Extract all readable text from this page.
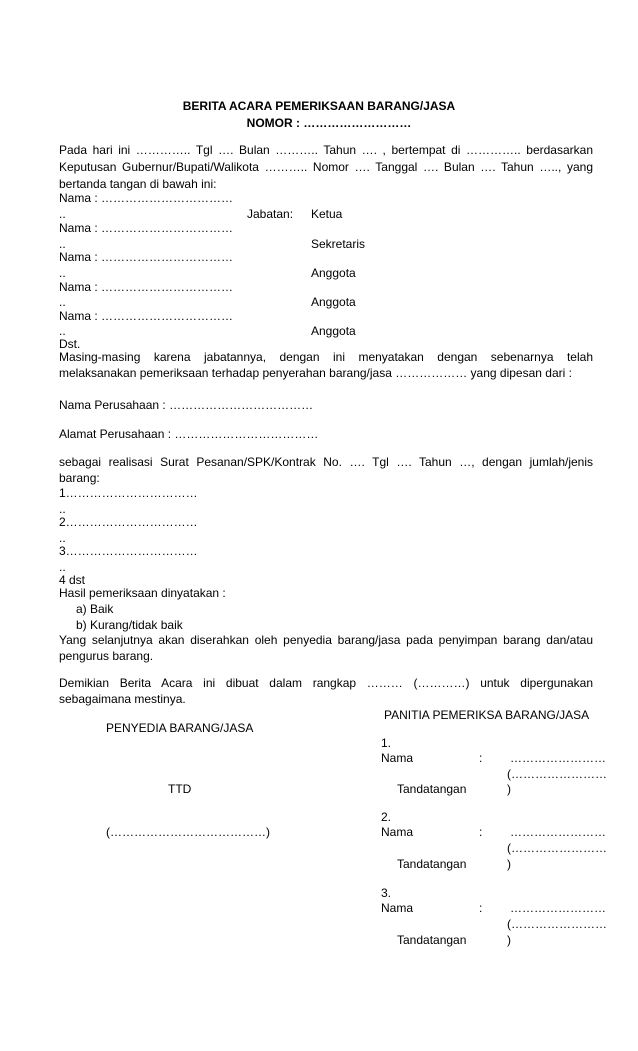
BERITA ACARA PEMERIKSAAN BARANG/JASA
NOMOR : ………………………
Pada hari ini ………….. Tgl …. Bulan ……….. Tahun …. , bertempat di ………….. berdasarkan
Keputusan Gubernur/Bupati/Walikota ……….. Nomor …. Tanggal …. Bulan …. Tahun ….., yang
bertanda tangan di bawah ini:
Nama : ……………………………
..	Jabatan: Ketua
Nama : ……………………………
..	Sekretaris
Nama : ……………………………
..	Anggota
Nama : ……………………………
..	Anggota
Nama : ……………………………
..	Anggota
Dst.
Masing-masing karena jabatannya, dengan ini menyatakan dengan sebenarnya telah
melaksanakan pemeriksaan terhadap penyerahan barang/jasa ……………… yang dipesan dari :
Nama Perusahaan : ………………………………
Alamat Perusahaan : ………………………………
sebagai realisasi Surat Pesanan/SPK/Kontrak No. …. Tgl …. Tahun …, dengan jumlah/jenis
barang:
1……………………………
..
2……………………………
..
3……………………………
..
4 dst
Hasil pemeriksaan dinyatakan :
a) Baik
b) Kurang/tidak baik
Yang selanjutnya akan diserahkan oleh penyedia barang/jasa pada penyimpan barang dan/atau
pengurus barang.
Demikian Berita Acara ini dibuat dalam rangkap ……… (…………) untuk dipergunakan
sebagaimana mestinya.
PANITIA PEMERIKSA BARANG/JASA
PENYEDIA BARANG/JASA
TTD
(…………………………………)
1.
Nama	: ……………………
(……………………
Tandatangan	)
2.
Nama	: ……………………
(……………………
Tandatangan	)
3.
Nama	: ……………………
(……………………
Tandatangan	)
